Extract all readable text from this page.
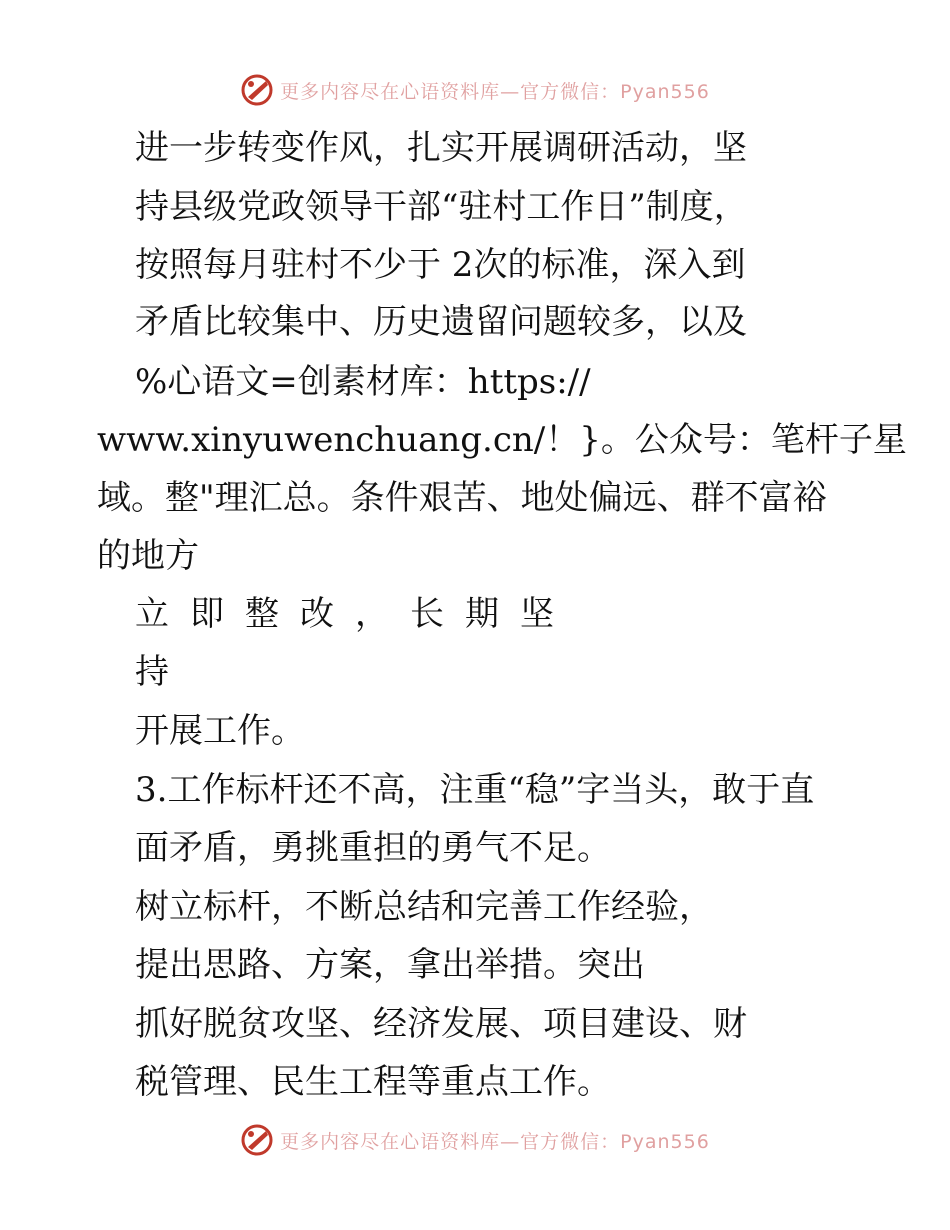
更多内容尽在心语资料库—官方微信：Pyan556
进一步转变作风，扎实开展调研活动，坚
持县级党政领导干部“驻村工作日”制度，
按照每月驻村不少于 2次的标准，深入到
矛盾比较集中、历史遗留问题较多，以及
%心语文=创素材库：https://
www.xinyuwenchuang.cn/！}。公众号：笔杆子星
域。整"理汇总。条件艰苦、地处偏远、群不富裕
的地方
立即整改，长期坚
持
开展工作。
3.工作标杆还不高，注重“稳”字当头，敢于直
面矛盾，勇挑重担的勇气不足。
树立标杆，不断总结和完善工作经验，
提出思路、方案，拿出举措。突出
抓好脱贫攻坚、经济发展、项目建设、财
税管理、民生工程等重点工作。
更多内容尽在心语资料库—官方微信：Pyan556
